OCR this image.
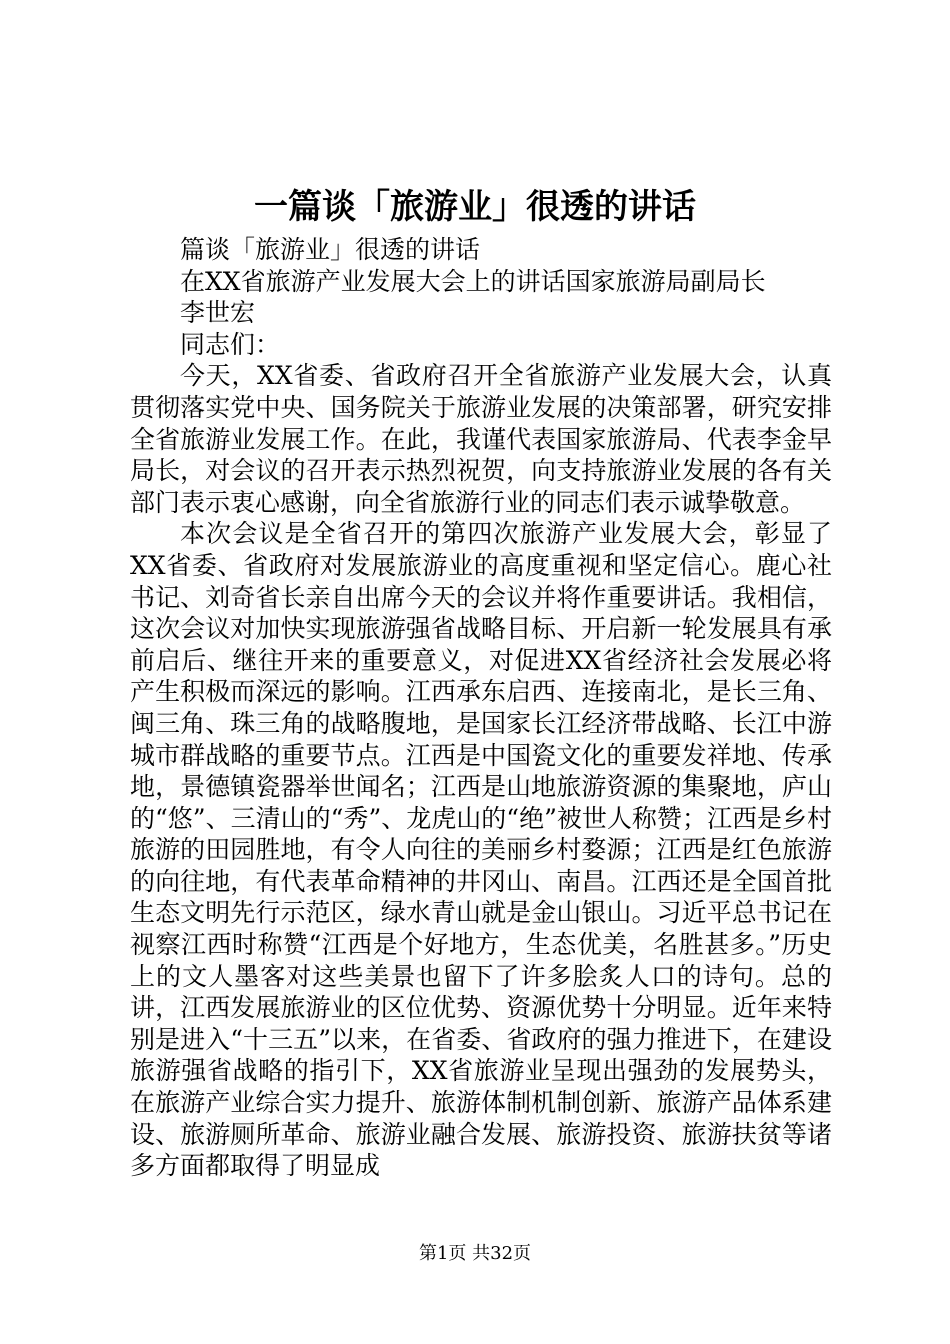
一篇谈「旅游业」很透的讲话

篇谈「旅游业」很透的讲话

在XX省旅游产业发展大会上的讲话国家旅游局副局长

李世宏

同志们：

今天，XX省委、省政府召开全省旅游产业发展大会，认真贯彻落实党中央、国务院关于旅游业发展的决策部署，研究安排全省旅游业发展工作。在此，我谨代表国家旅游局、代表李金早局长，对会议的召开表示热烈祝贺，向支持旅游业发展的各有关部门表示衷心感谢，向全省旅游行业的同志们表示诚挚敬意。

本次会议是全省召开的第四次旅游产业发展大会，彰显了XX省委、省政府对发展旅游业的高度重视和坚定信心。鹿心社书记、刘奇省长亲自出席今天的会议并将作重要讲话。我相信，这次会议对加快实现旅游强省战略目标、开启新一轮发展具有承前启后、继往开来的重要意义，对促进XX省经济社会发展必将产生积极而深远的影响。江西承东启西、连接南北，是长三角、闽三角、珠三角的战略腹地，是国家长江经济带战略、长江中游城市群战略的重要节点。江西是中国瓷文化的重要发祥地、传承地，景德镇瓷器举世闻名；江西是山地旅游资源的集聚地，庐山的“悠”、三清山的“秀”、龙虎山的“绝”被世人称赞；江西是乡村旅游的田园胜地，有令人向往的美丽乡村婺源；江西是红色旅游的向往地，有代表革命精神的井冈山、南昌。江西还是全国首批生态文明先行示范区，绿水青山就是金山银山。习近平总书记在视察江西时称赞“江西是个好地方，生态优美，名胜甚多。”历史上的文人墨客对这些美景也留下了许多脍炙人口的诗句。总的讲，江西发展旅游业的区位优势、资源优势十分明显。近年来特别是进入“十三五”以来，在省委、省政府的强力推进下，在建设旅游强省战略的指引下，XX省旅游业呈现出强劲的发展势头，在旅游产业综合实力提升、旅游体制机制创新、旅游产品体系建设、旅游厕所革命、旅游业融合发展、旅游投资、旅游扶贫等诸多方面都取得了明显成

第1页 共32页
